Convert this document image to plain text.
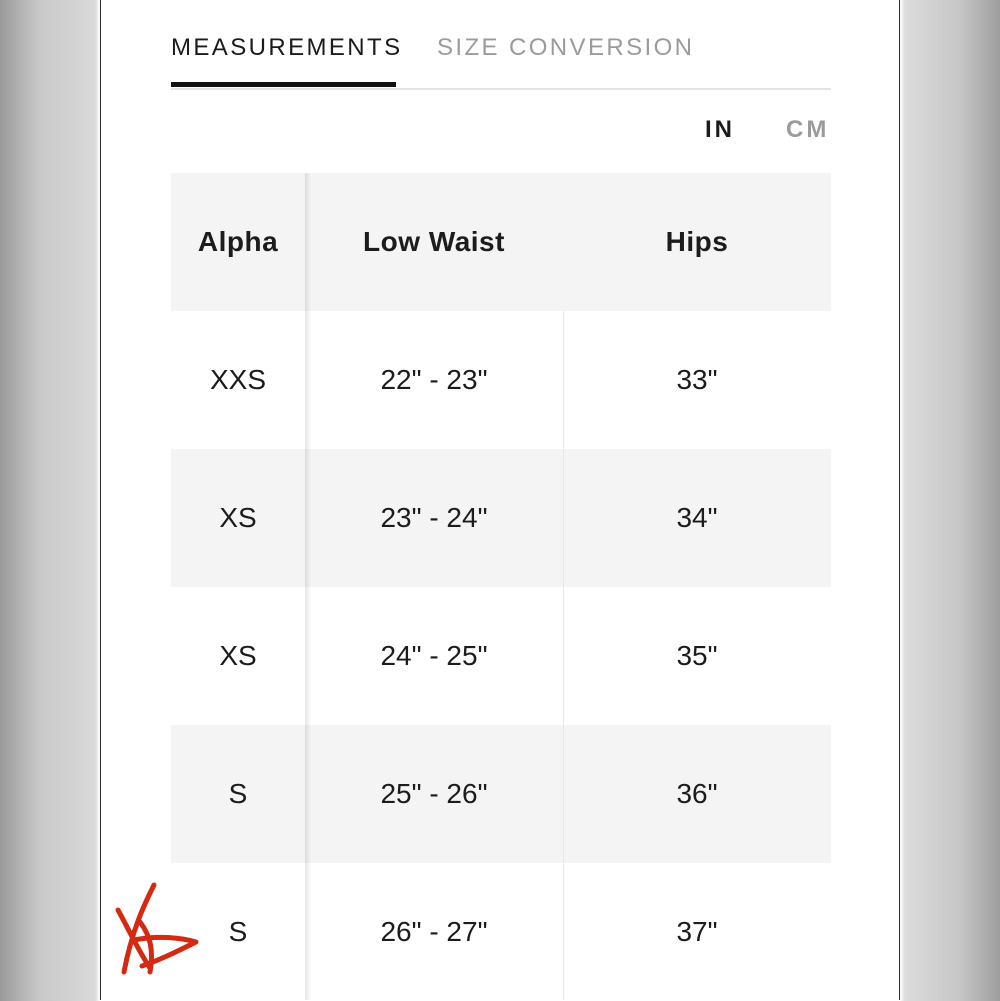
MEASUREMENTS SIZE CONVERSION
IN CM
Alpha	Low Waist	Hips
XXS	22" - 23"	33"
XS	23" - 24"	34"
XS	24" - 25"	35"
S	25" - 26"	36"
S	26" - 27"	37"
